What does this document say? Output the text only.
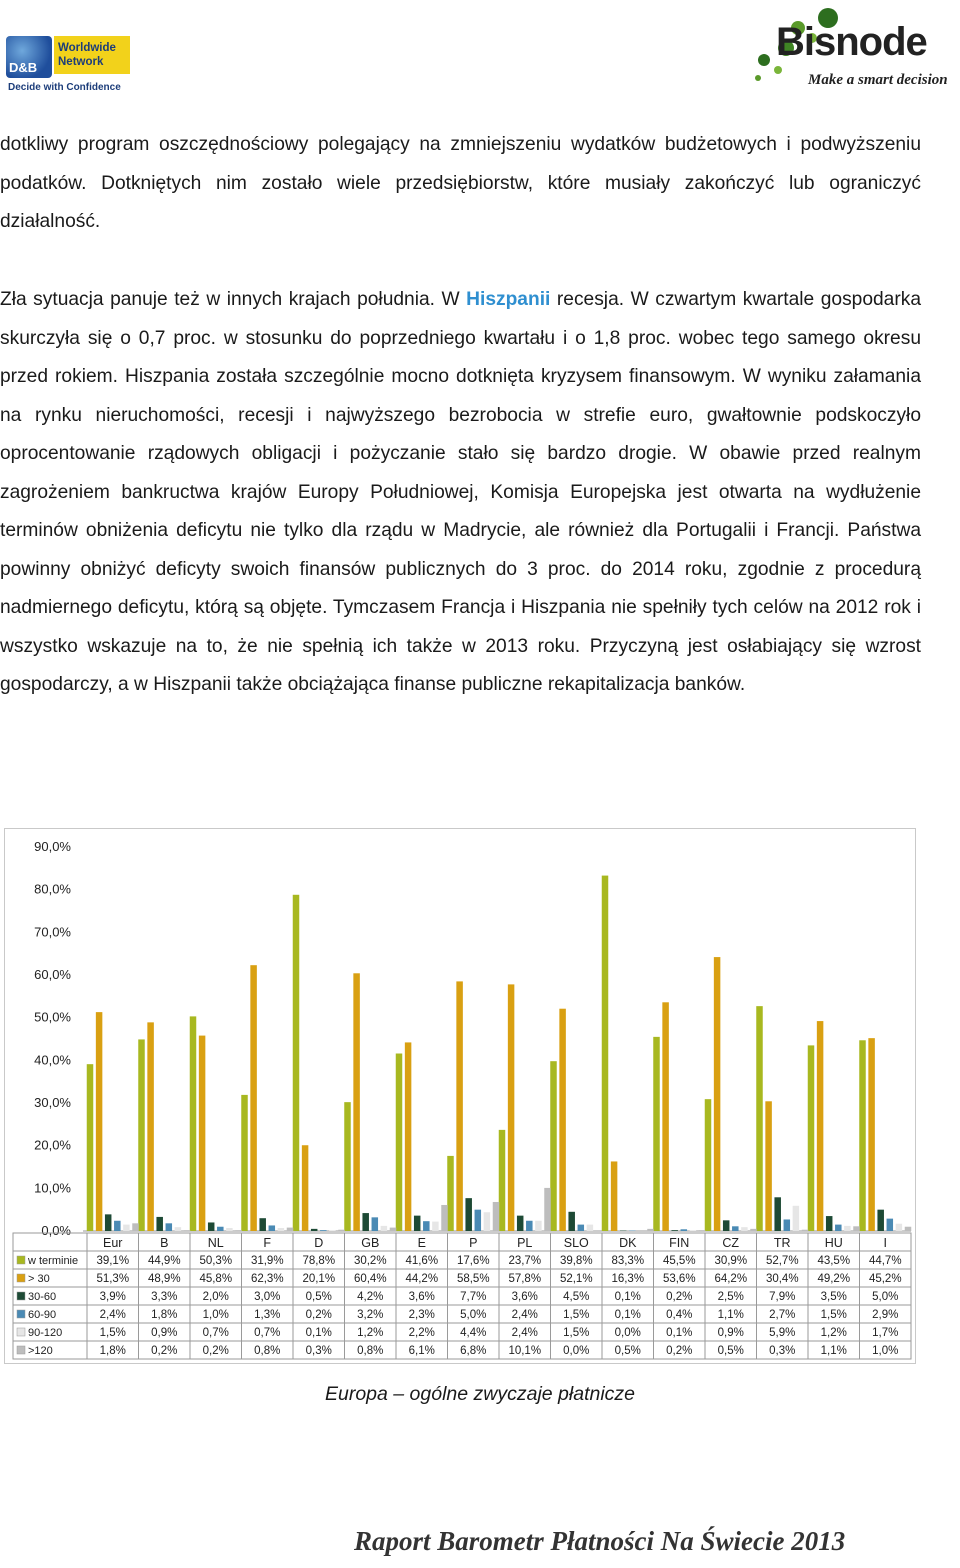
D&B
Worldwide
Network
Decide with Confidence
Bisnode
Make a smart decision

dotkliwy program oszczędnościowy polegający na zmniejszeniu wydatków budżetowych i podwyższeniu podatków. Dotkniętych nim zostało wiele przedsiębiorstw, które musiały zakończyć lub ograniczyć działalność.

Zła sytuacja panuje też w innych krajach południa. W Hiszpanii recesja. W czwartym kwartale gospodarka skurczyła się o 0,7 proc. w stosunku do poprzedniego kwartału i o 1,8 proc. wobec tego samego okresu przed rokiem. Hiszpania została szczególnie mocno dotknięta kryzysem finansowym. W wyniku załamania na rynku nieruchomości, recesji i najwyższego bezrobocia w strefie euro, gwałtownie podskoczyło oprocentowanie rządowych obligacji i pożyczanie stało się bardzo drogie. W obawie przed realnym zagrożeniem bankructwa krajów Europy Południowej, Komisja Europejska jest otwarta na wydłużenie terminów obniżenia deficytu nie tylko dla rządu w Madrycie, ale również dla Portugalii i Francji. Państwa powinny obniżyć deficyty swoich finansów publicznych do 3 proc. do 2014 roku, zgodnie z procedurą nadmiernego deficytu, którą są objęte. Tymczasem Francja i Hiszpania nie spełniły tych celów na 2012 rok i wszystko wskazuje na to, że nie spełnią ich także w 2013 roku. Przyczyną jest osłabiający się wzrost gospodarczy, a w Hiszpanii także obciążająca finanse publiczne rekapitalizacja banków.

0,0%
10,0%
20,0%
30,0%
40,0%
50,0%
60,0%
70,0%
80,0%
90,0%
Eur	B	NL	F	D	GB	E	P	PL	SLO DK	FIN	CZ	TR	HU	I
w terminie 39,1% 44,9% 50,3% 31,9% 78,8% 30,2% 41,6% 17,6% 23,7% 39,8% 83,3% 45,5% 30,9% 52,7% 43,5% 44,7%
> 30	51,3% 48,9% 45,8% 62,3% 20,1% 60,4% 44,2% 58,5% 57,8% 52,1% 16,3% 53,6% 64,2% 30,4% 49,2% 45,2%
30-60	3,9% 3,3% 2,0% 3,0% 0,5% 4,2% 3,6% 7,7% 3,6% 4,5% 0,1% 0,2% 2,5% 7,9% 3,5% 5,0%
60-90	2,4% 1,8% 1,0% 1,3% 0,2% 3,2% 2,3% 5,0% 2,4% 1,5% 0,1% 0,4% 1,1% 2,7% 1,5% 2,9%
90-120	1,5% 0,9% 0,7% 0,7% 0,1% 1,2% 2,2% 4,4% 2,4% 1,5% 0,0% 0,1% 0,9% 5,9% 1,2% 1,7%
>120	1,8% 0,2% 0,2% 0,8% 0,3% 0,8% 6,1% 6,8% 10,1% 0,0% 0,5% 0,2% 0,5% 0,3% 1,1% 1,0%
Europa – ogólne zwyczaje płatnicze
Raport Barometr Płatności Na Świecie 2013
